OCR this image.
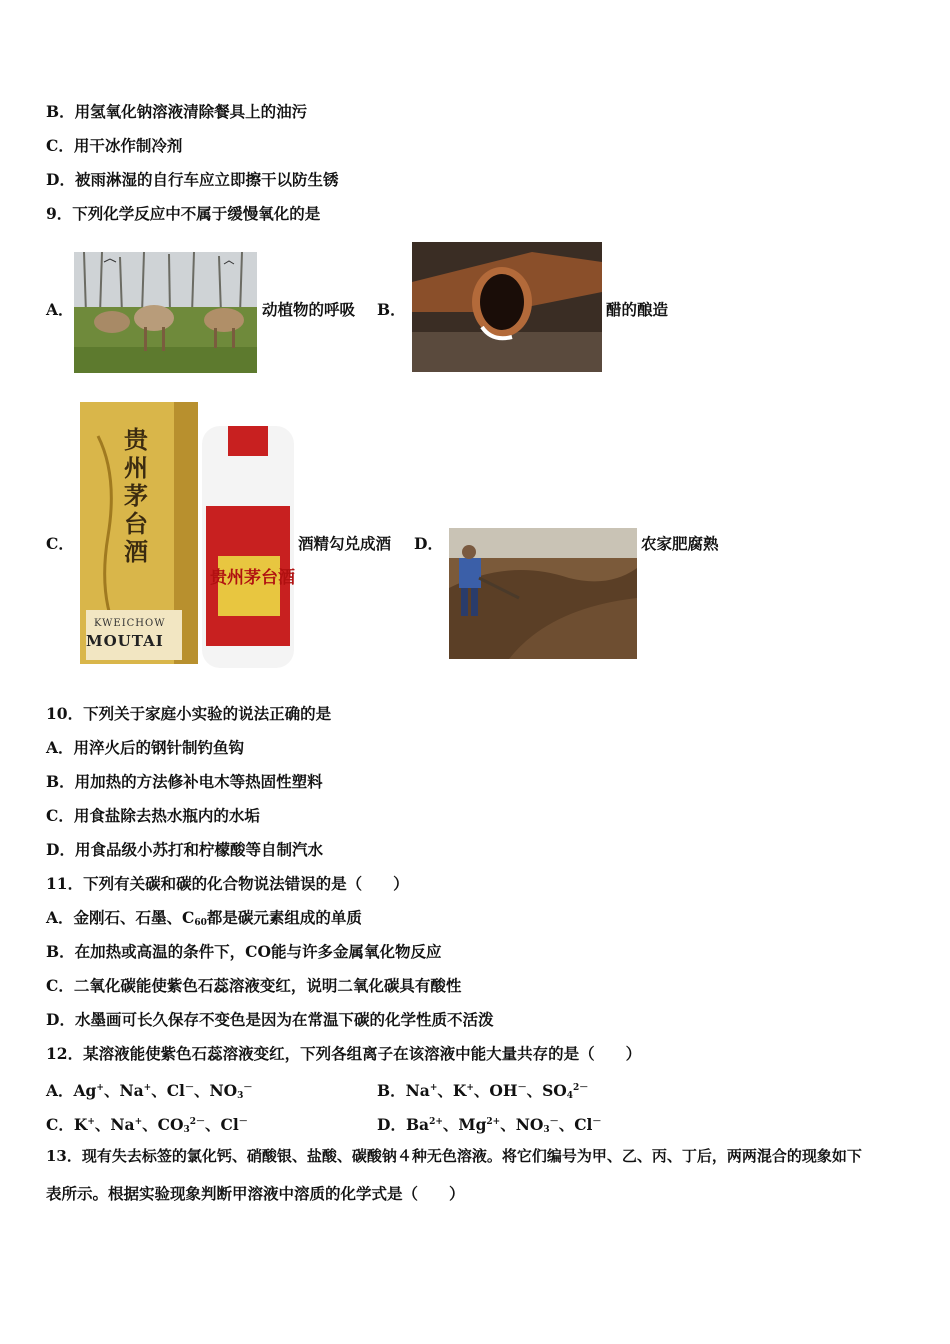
B．用氢氧化钠溶液清除餐具上的油污
C．用干冰作制冷剂
D．被雨淋湿的自行车应立即擦干以防生锈
9．下列化学反应中不属于缓慢氧化的是
A．	动植物的呼吸 B．	醋的酿造
C．
贵州茅台酒
KWEICHOW
MOUTAI
贵州茅台酒
酒精勾兑成酒 D．	农家肥腐熟
10．下列关于家庭小实验的说法正确的是
A．用淬火后的钢针制钓鱼钩
B．用加热的方法修补电木等热固性塑料
C．用食盐除去热水瓶内的水垢
D．用食品级小苏打和柠檬酸等自制汽水
11．下列有关碳和碳的化合物说法错误的是（　　）
A．金刚石、石墨、$C_{60}$都是碳元素组成的单质
B．在加热或高温的条件下，CO能与许多金属氧化物反应
C．二氧化碳能使紫色石蕊溶液变红，说明二氧化碳具有酸性
D．水墨画可长久保存不变色是因为在常温下碳的化学性质不活泼
12．某溶液能使紫色石蕊溶液变红，下列各组离子在该溶液中能大量共存的是（　　）
A．Ag+、Na+、Cl－、$NO_3^-$	B．Na+、K+、OH－、$SO_4^{2-}$
C．K+、Na+、$CO_3^{2-}$、Cl－	D．$Ba^{2+}$、$Mg^{2+}$、$NO_3^-$、Cl－
13．现有失去标签的氯化钙、硝酸银、盐酸、碳酸钠４种无色溶液。将它们编号为甲、乙、丙、丁后，两两混合的现象如下
表所示。根据实验现象判断甲溶液中溶质的化学式是（　　）
